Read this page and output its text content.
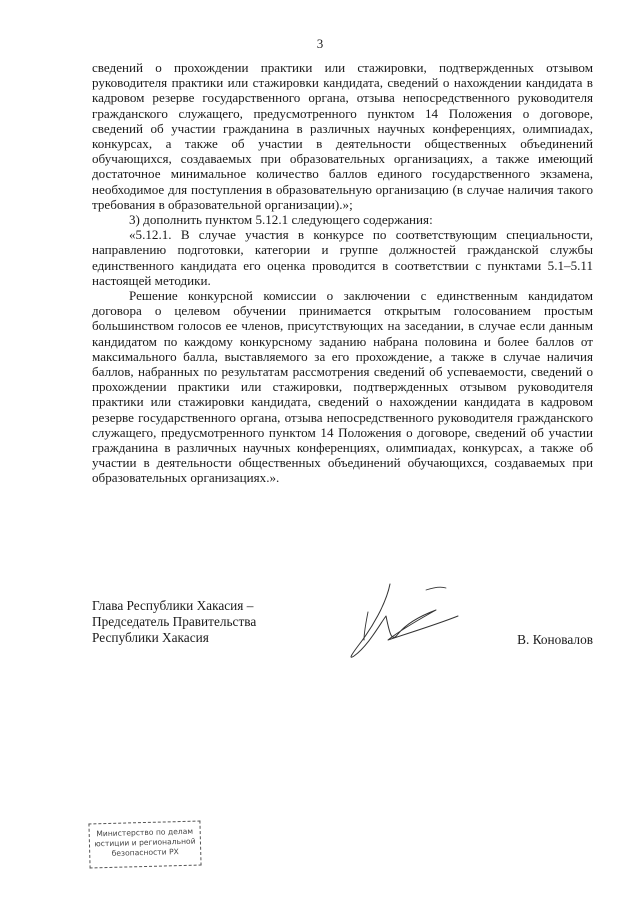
3

сведений о прохождении практики или стажировки, подтвержденных отзывом руководителя практики или стажировки кандидата, сведений о нахождении кандидата в кадровом резерве государственного органа, отзыва непосредственного руководителя гражданского служащего, предусмотренного пунктом 14 Положения о договоре, сведений об участии гражданина в различных научных конференциях, олимпиадах, конкурсах, а также об участии в деятельности общественных объединений обучающихся, создаваемых при образовательных организациях, а также имеющий достаточное минимальное количество баллов единого государственного экзамена, необходимое для поступления в образовательную организацию (в случае наличия такого требования в образовательной организации).»;

3) дополнить пунктом 5.12.1 следующего содержания:

«5.12.1. В случае участия в конкурсе по соответствующим специальности, направлению подготовки, категории и группе должностей гражданской службы единственного кандидата его оценка проводится в соответствии с пунктами 5.1–5.11 настоящей методики.

Решение конкурсной комиссии о заключении с единственным кандидатом договора о целевом обучении принимается открытым голосованием простым большинством голосов ее членов, присутствующих на заседании, в случае если данным кандидатом по каждому конкурсному заданию набрана половина и более баллов от максимального балла, выставляемого за его прохождение, а также в случае наличия баллов, набранных по результатам рассмотрения сведений об успеваемости, сведений о прохождении практики или стажировки, подтвержденных отзывом руководителя практики или стажировки кандидата, сведений о нахождении кандидата в кадровом резерве государственного органа, отзыва непосредственного руководителя гражданского служащего, предусмотренного пунктом 14 Положения о договоре, сведений об участии гражданина в различных научных конференциях, олимпиадах, конкурсах, а также об участии в деятельности общественных объединений обучающихся, создаваемых при образовательных организациях.».

Глава Республики Хакасия –
Председатель Правительства
Республики Хакасия	В. Коновалов
Министерство по делам
юстиции и региональной
безопасности РХ
